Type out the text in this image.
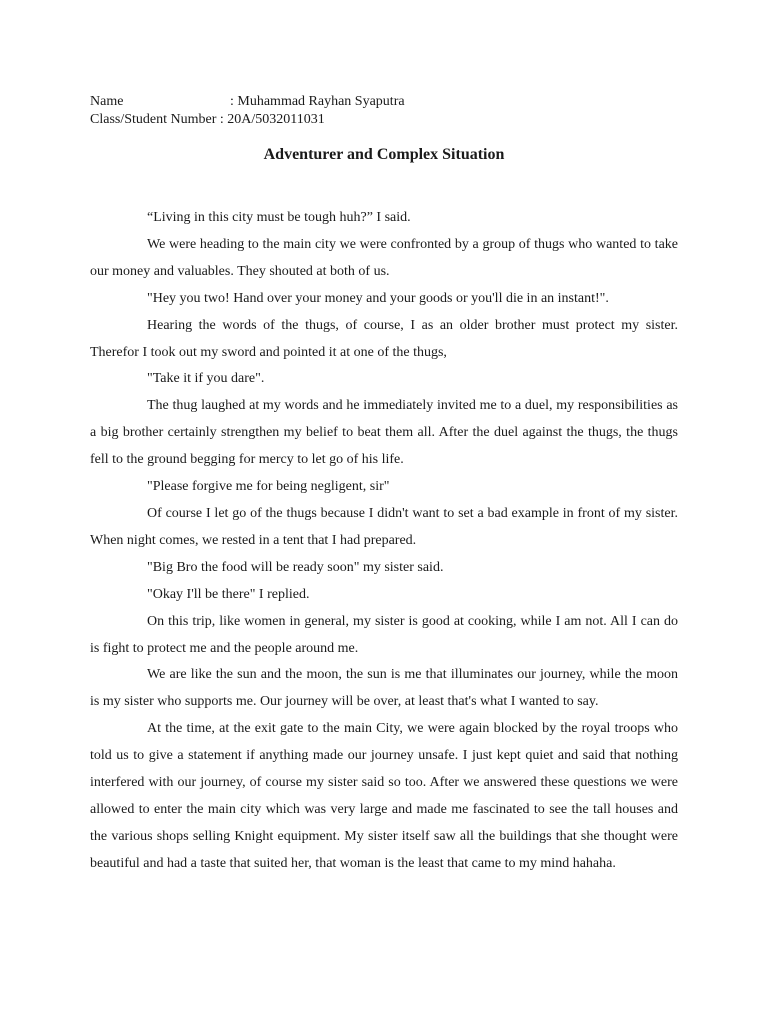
Name	: Muhammad Rayhan Syaputra
Class/Student Number : 20A/5032011031
Adventurer and Complex Situation

“Living in this city must be tough huh?” I said.

We were heading to the main city we were confronted by a group of thugs who wanted to take our money and valuables. They shouted at both of us.

"Hey you two! Hand over your money and your goods or you'll die in an instant!".

Hearing the words of the thugs, of course, I as an older brother must protect my sister. Therefor I took out my sword and pointed it at one of the thugs,

"Take it if you dare".

The thug laughed at my words and he immediately invited me to a duel, my responsibilities as a big brother certainly strengthen my belief to beat them all. After the duel against the thugs, the thugs fell to the ground begging for mercy to let go of his life.

"Please forgive me for being negligent, sir"

Of course I let go of the thugs because I didn't want to set a bad example in front of my sister. When night comes, we rested in a tent that I had prepared.

"Big Bro the food will be ready soon" my sister said.

"Okay I'll be there" I replied.

On this trip, like women in general, my sister is good at cooking, while I am not. All I can do is fight to protect me and the people around me.

We are like the sun and the moon, the sun is me that illuminates our journey, while the moon is my sister who supports me. Our journey will be over, at least that's what I wanted to say.

At the time, at the exit gate to the main City, we were again blocked by the royal troops who told us to give a statement if anything made our journey unsafe. I just kept quiet and said that nothing interfered with our journey, of course my sister said so too. After we answered these questions we were allowed to enter the main city which was very large and made me fascinated to see the tall houses and the various shops selling Knight equipment. My sister itself saw all the buildings that she thought were beautiful and had a taste that suited her, that woman is the least that came to my mind hahaha.
